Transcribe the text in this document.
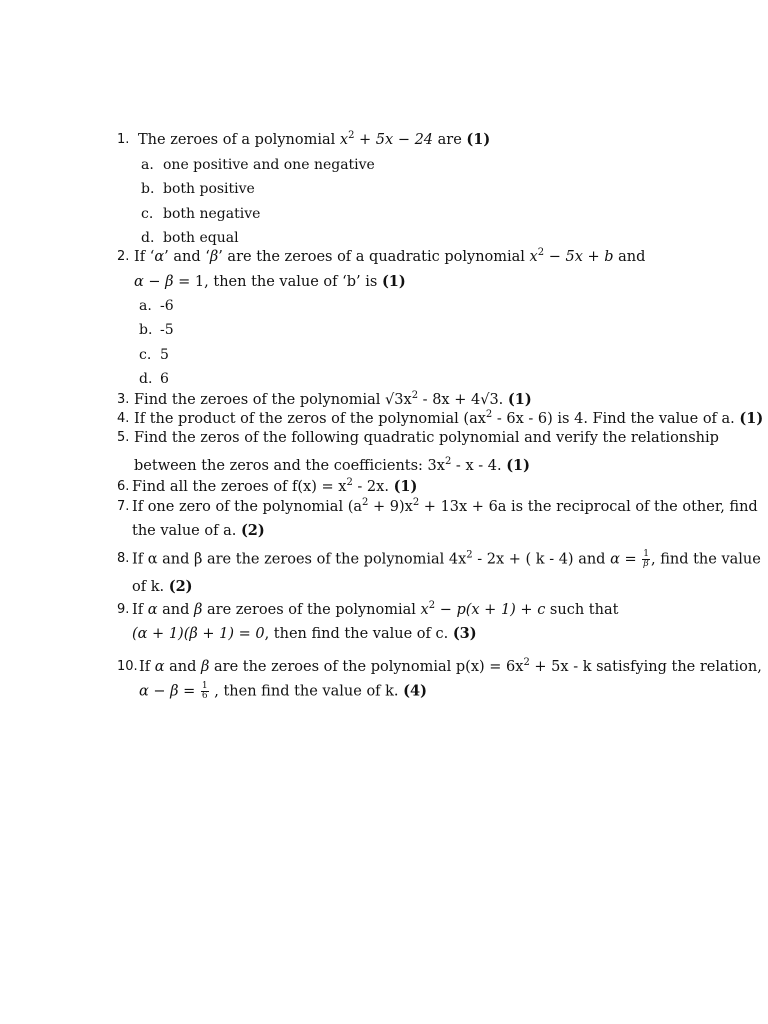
1. The zeroes of a polynomial $x^2 + 5x - 24$ are (1)
a. one positive and one negative
b. both positive
c. both negative
d. both equal
2. If ‘α’ and ‘β’ are the zeroes of a quadratic polynomial $x^2 - 5x + b$ and
α − β = 1, then the value of ‘b’ is (1)
a. -6
b. -5
c. 5
d. 6
3. Find the zeroes of the polynomial $√3x^2 - 8x + 4√3$. (1)
4. If the product of the zeros of the polynomial $(ax^2 - 6x - 6)$ is 4. Find the value of a. (1)
5. Find the zeros of the following quadratic polynomial and verify the relationship
between the zeros and the coefficients: $3x^2$ - x - 4. (1)
6. Find all the zeroes of $f(x) = x^2 - 2x$. (1)
7. If one zero of the polynomial $(a^2 + 9)x^2 + 13x + 6a$ is the reciprocal of the other, find
the value of a. (2)
8. If α and β are the zeroes of the polynomial $4x^2 - 2x$ + ( k - 4) and $\alpha = \frac{1}{\beta}$ , find the value
of k. (2)
9. If α and β are zeroes of the polynomial $x^2 - p(x + 1) + c$ such that
(α + 1)(β + 1) = 0, then find the value of c. (3)
10. If α and β are the zeroes of the polynomial $p(x) = 6x^2 + 5x - k$ satisfying the relation,
$\alpha - \beta = \frac{1}{6}$ , then find the value of k. (4)
